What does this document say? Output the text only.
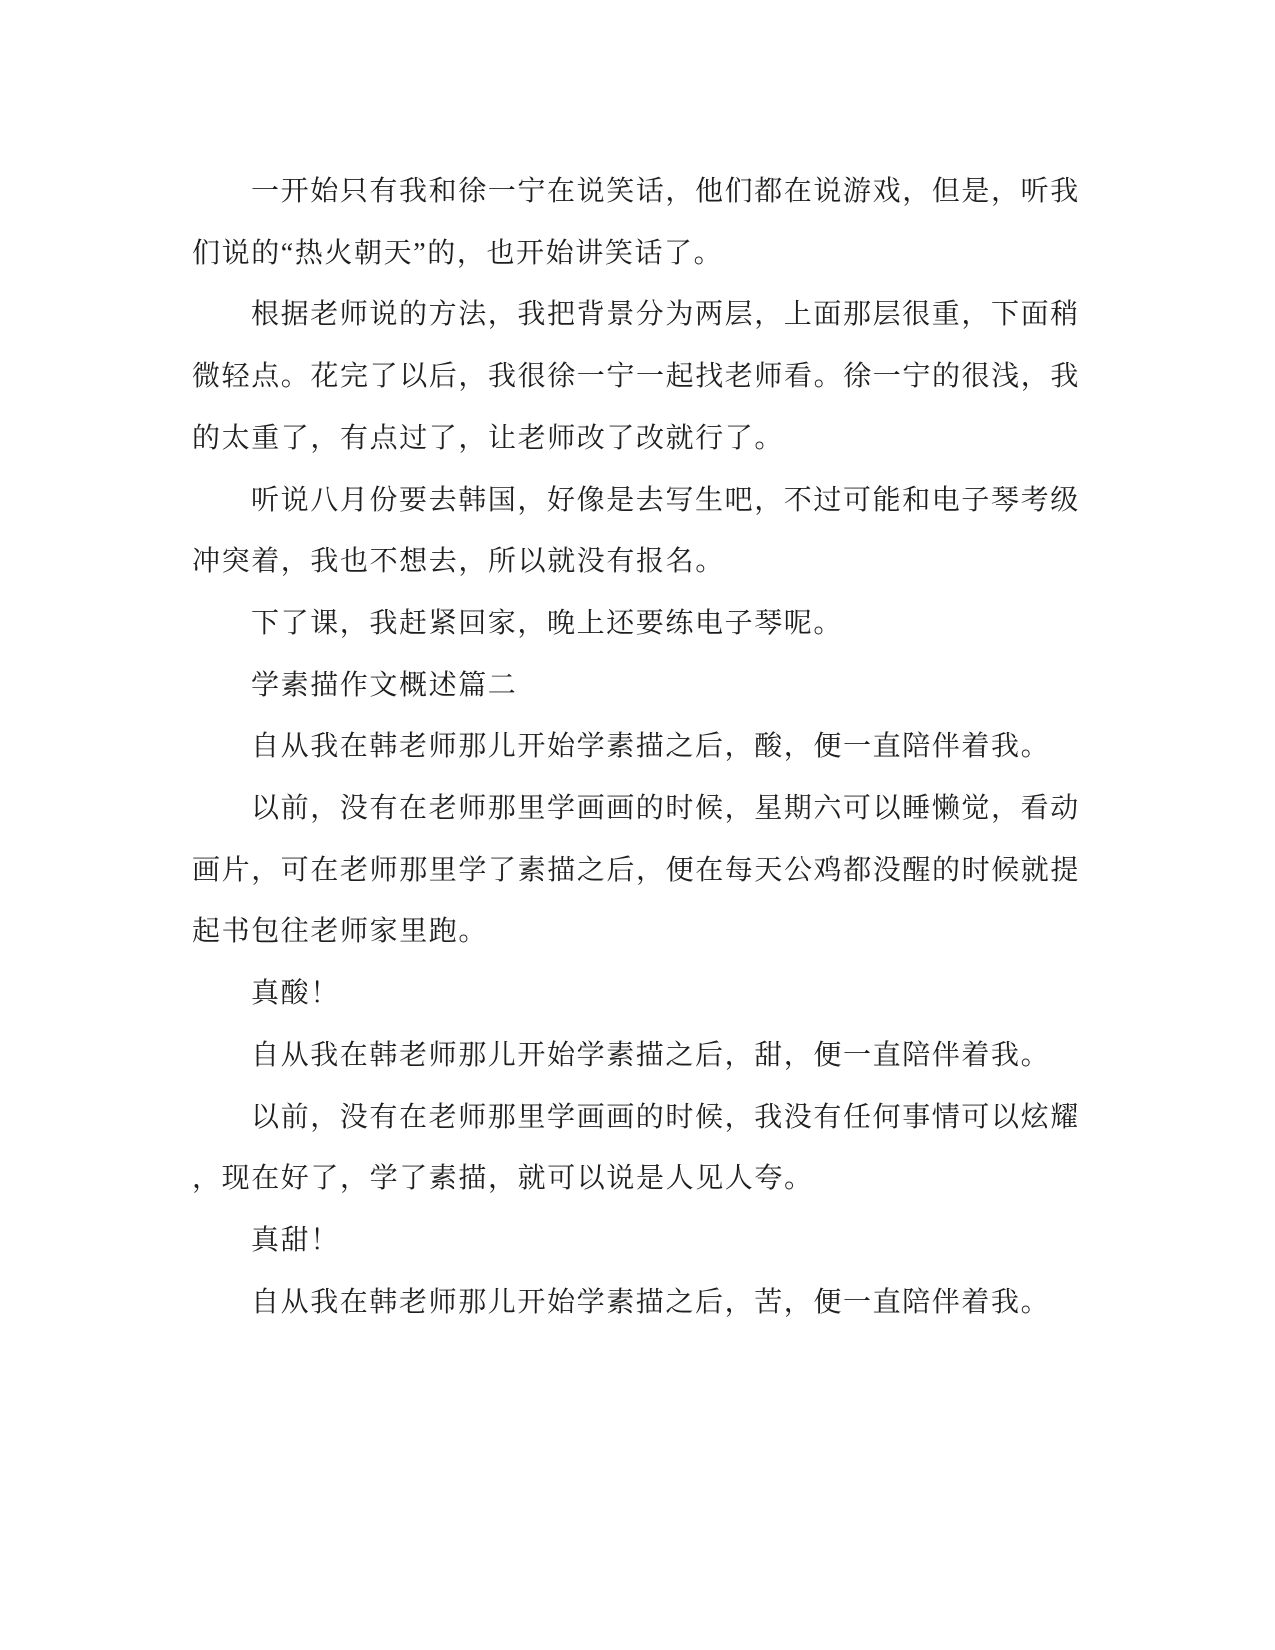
一开始只有我和徐一宁在说笑话，他们都在说游戏，但是，听我
们说的“热火朝天”的，也开始讲笑话了。
根据老师说的方法，我把背景分为两层，上面那层很重，下面稍
微轻点。花完了以后，我很徐一宁一起找老师看。徐一宁的很浅，我
的太重了，有点过了，让老师改了改就行了。
听说八月份要去韩国，好像是去写生吧，不过可能和电子琴考级
冲突着，我也不想去，所以就没有报名。
下了课，我赶紧回家，晚上还要练电子琴呢。
学素描作文概述篇二
自从我在韩老师那儿开始学素描之后，酸，便一直陪伴着我。
以前，没有在老师那里学画画的时候，星期六可以睡懒觉，看动
画片，可在老师那里学了素描之后，便在每天公鸡都没醒的时候就提
起书包往老师家里跑。
真酸！
自从我在韩老师那儿开始学素描之后，甜，便一直陪伴着我。
以前，没有在老师那里学画画的时候，我没有任何事情可以炫耀
，现在好了，学了素描，就可以说是人见人夸。
真甜！
自从我在韩老师那儿开始学素描之后，苦，便一直陪伴着我。
